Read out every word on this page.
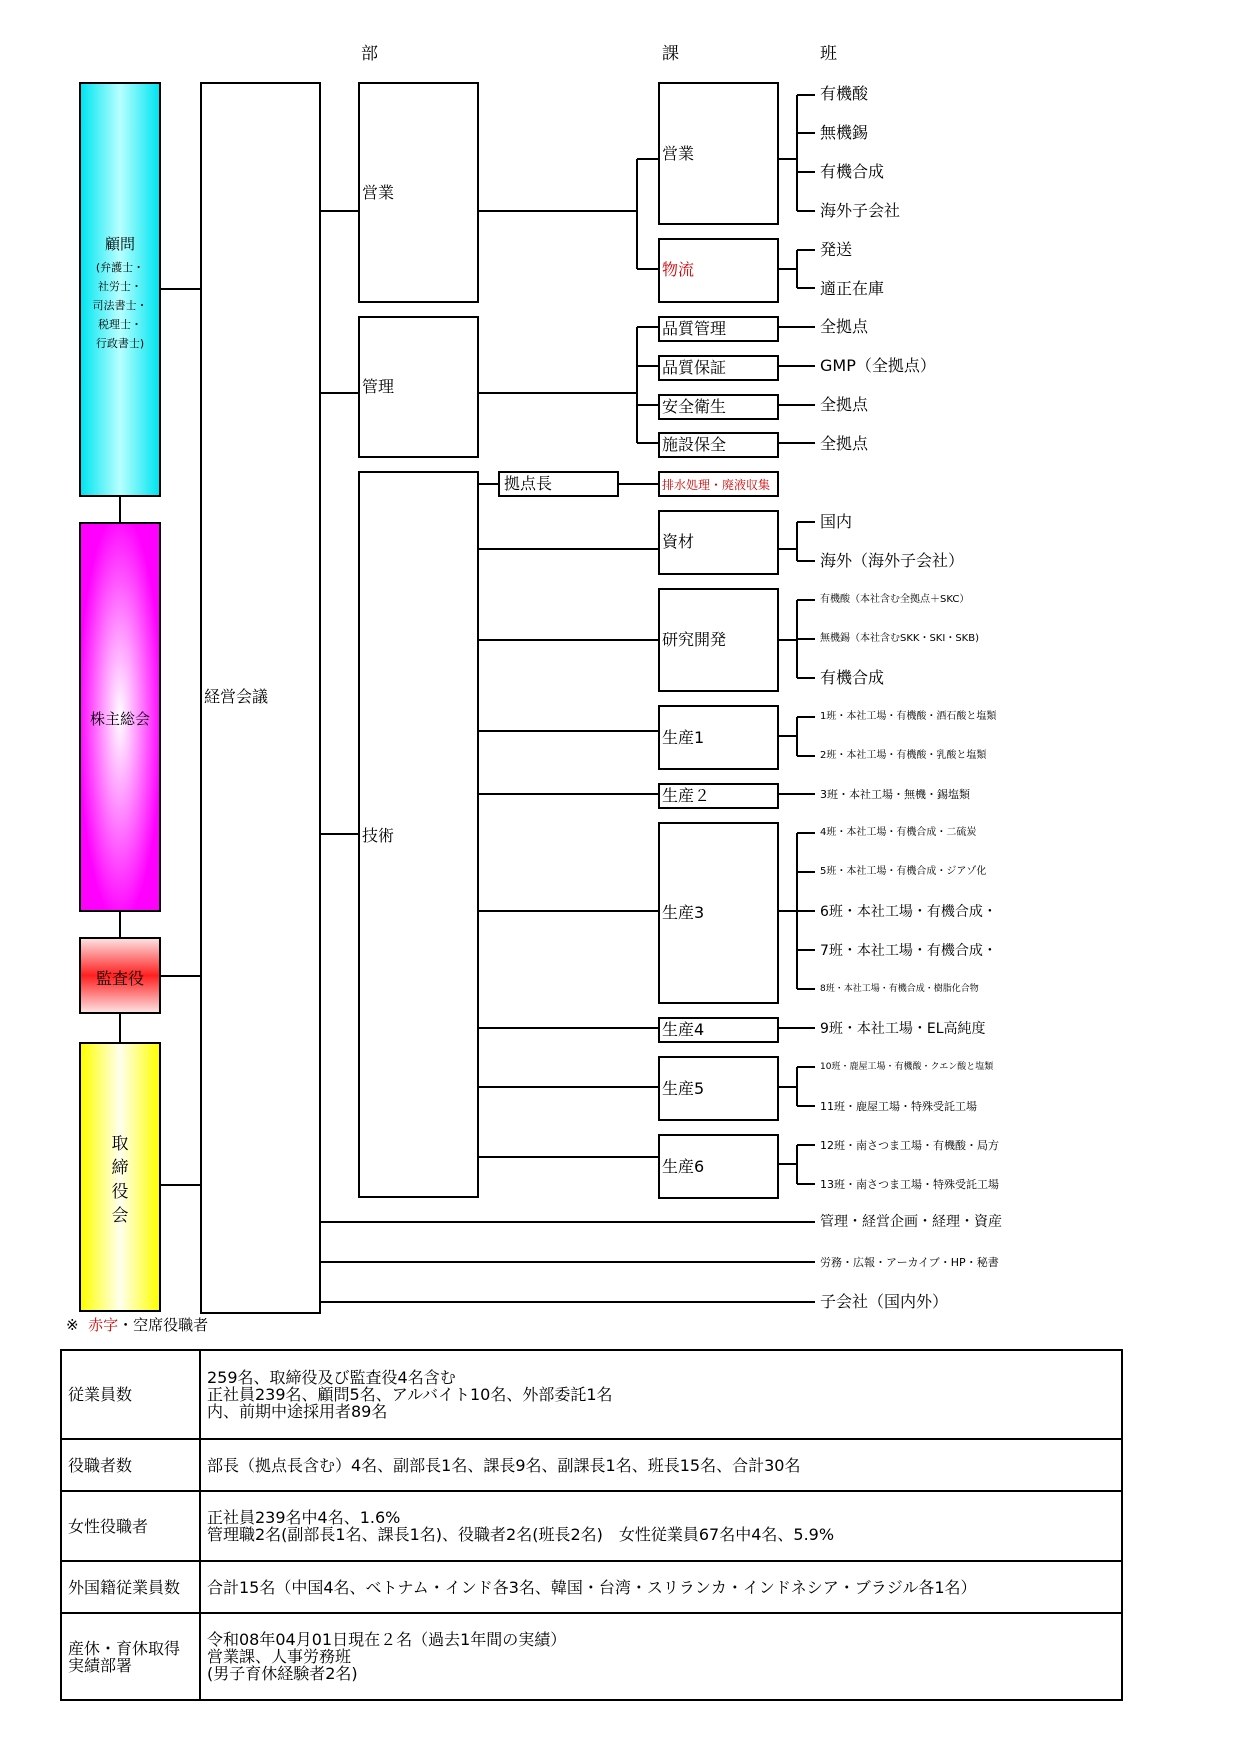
部	課	班
顧問
(弁護士・
社労士・
司法書士・
税理士・
行政書士)
株主総会
監査役
取
締
役
会
経営会議
営業
管理
技術
拠点長
営業
物流
品質管理
品質保証
安全衛生
施設保全
排水処理・廃液収集
資材
研究開発
生産1
生産２
生産3
生産4
生産5
生産6
有機酸
無機錫
有機合成
海外子会社
発送
適正在庫
全拠点
GMP（全拠点）
全拠点
全拠点
国内
海外（海外子会社）
有機酸（本社含む全拠点＋SKC）
無機錫（本社含むSKK・SKI・SKB)
有機合成
1班・本社工場・有機酸・酒石酸と塩類
2班・本社工場・有機酸・乳酸と塩類
3班・本社工場・無機・錫塩類
4班・本社工場・有機合成・二硫炭
5班・本社工場・有機合成・ジアゾ化
6班・本社工場・有機合成・
7班・本社工場・有機合成・
8班・本社工場・有機合成・樹脂化合物
9班・本社工場・EL高純度
10班・鹿屋工場・有機酸・クエン酸と塩類
11班・鹿屋工場・特殊受託工場
12班・南さつま工場・有機酸・局方
13班・南さつま工場・特殊受託工場
管理・経営企画・経理・資産
労務・広報・アーカイブ・HP・秘書
子会社（国内外）
※ 赤字・空席役職者
従業員数	259名、取締役及び監査役4名含む
正社員239名、顧問5名、アルバイト10名、外部委託1名
内、前期中途採用者89名

役職者数	部長（拠点長含む）4名、副部長1名、課長9名、副課長1名、班長15名、合計30名

女性役職者	正社員239名中4名、1.6%
管理職2名(副部長1名、課長1名)、役職者2名(班長2名)　女性従業員67名中4名、5.9%

外国籍従業員数	合計15名（中国4名、ベトナム・インド各3名、韓国・台湾・スリランカ・インドネシア・ブラジル各1名）

産休・育休取得
実績部署	令和08年04月01日現在２名（過去1年間の実績）
営業課、人事労務班
(男子育休経験者2名)
